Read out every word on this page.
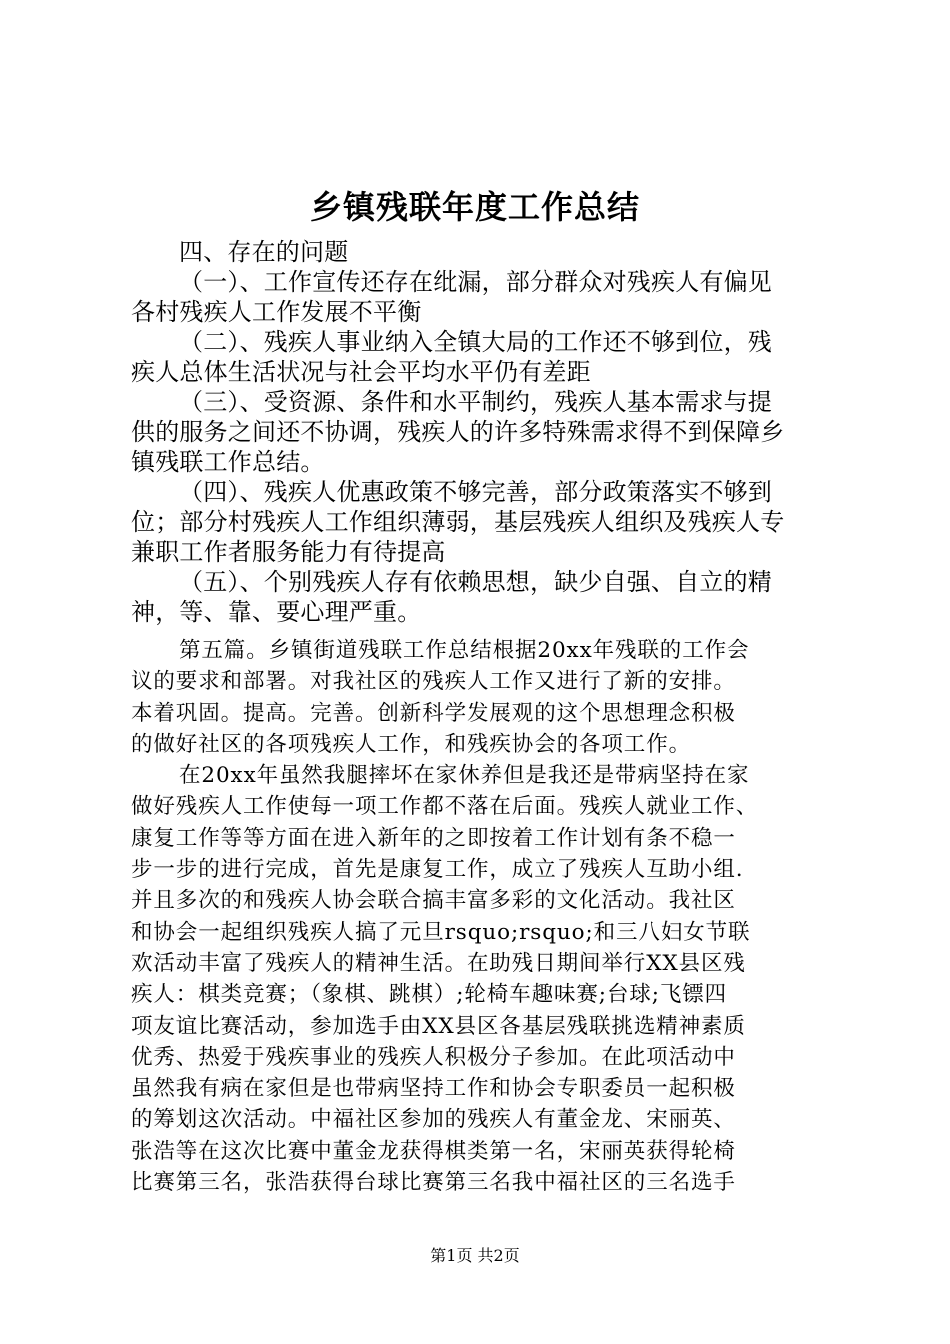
乡镇残联年度工作总结
四、存在的问题
（一）、工作宣传还存在纰漏，部分群众对残疾人有偏见
各村残疾人工作发展不平衡
（二）、残疾人事业纳入全镇大局的工作还不够到位，残
疾人总体生活状况与社会平均水平仍有差距
（三）、受资源、条件和水平制约，残疾人基本需求与提
供的服务之间还不协调，残疾人的许多特殊需求得不到保障乡
镇残联工作总结。
（四）、残疾人优惠政策不够完善，部分政策落实不够到
位；部分村残疾人工作组织薄弱，基层残疾人组织及残疾人专
兼职工作者服务能力有待提高
（五）、个别残疾人存有依赖思想，缺少自强、自立的精
神，等、靠、要心理严重。
第五篇。乡镇街道残联工作总结根据20xx年残联的工作会
议的要求和部署。对我社区的残疾人工作又进行了新的安排。
本着巩固。提高。完善。创新科学发展观的这个思想理念积极
的做好社区的各项残疾人工作，和残疾协会的各项工作。
在20xx年虽然我腿摔坏在家休养但是我还是带病坚持在家
做好残疾人工作使每一项工作都不落在后面。残疾人就业工作、
康复工作等等方面在进入新年的之即按着工作计划有条不稳一
步一步的进行完成，首先是康复工作，成立了残疾人互助小组.
并且多次的和残疾人协会联合搞丰富多彩的文化活动。我社区
和协会一起组织残疾人搞了元旦rsquo;rsquo;和三八妇女节联
欢活动丰富了残疾人的精神生活。在助残日期间举行XX县区残
疾人：棋类竞赛；（象棋、跳棋）;轮椅车趣味赛;台球;飞镖四
项友谊比赛活动，参加选手由XX县区各基层残联挑选精神素质
优秀、热爱于残疾事业的残疾人积极分子参加。在此项活动中
虽然我有病在家但是也带病坚持工作和协会专职委员一起积极
的筹划这次活动。中福社区参加的残疾人有董金龙、宋丽英、
张浩等在这次比赛中董金龙获得棋类第一名，宋丽英获得轮椅
比赛第三名，张浩获得台球比赛第三名我中福社区的三名选手
第1页 共2页
